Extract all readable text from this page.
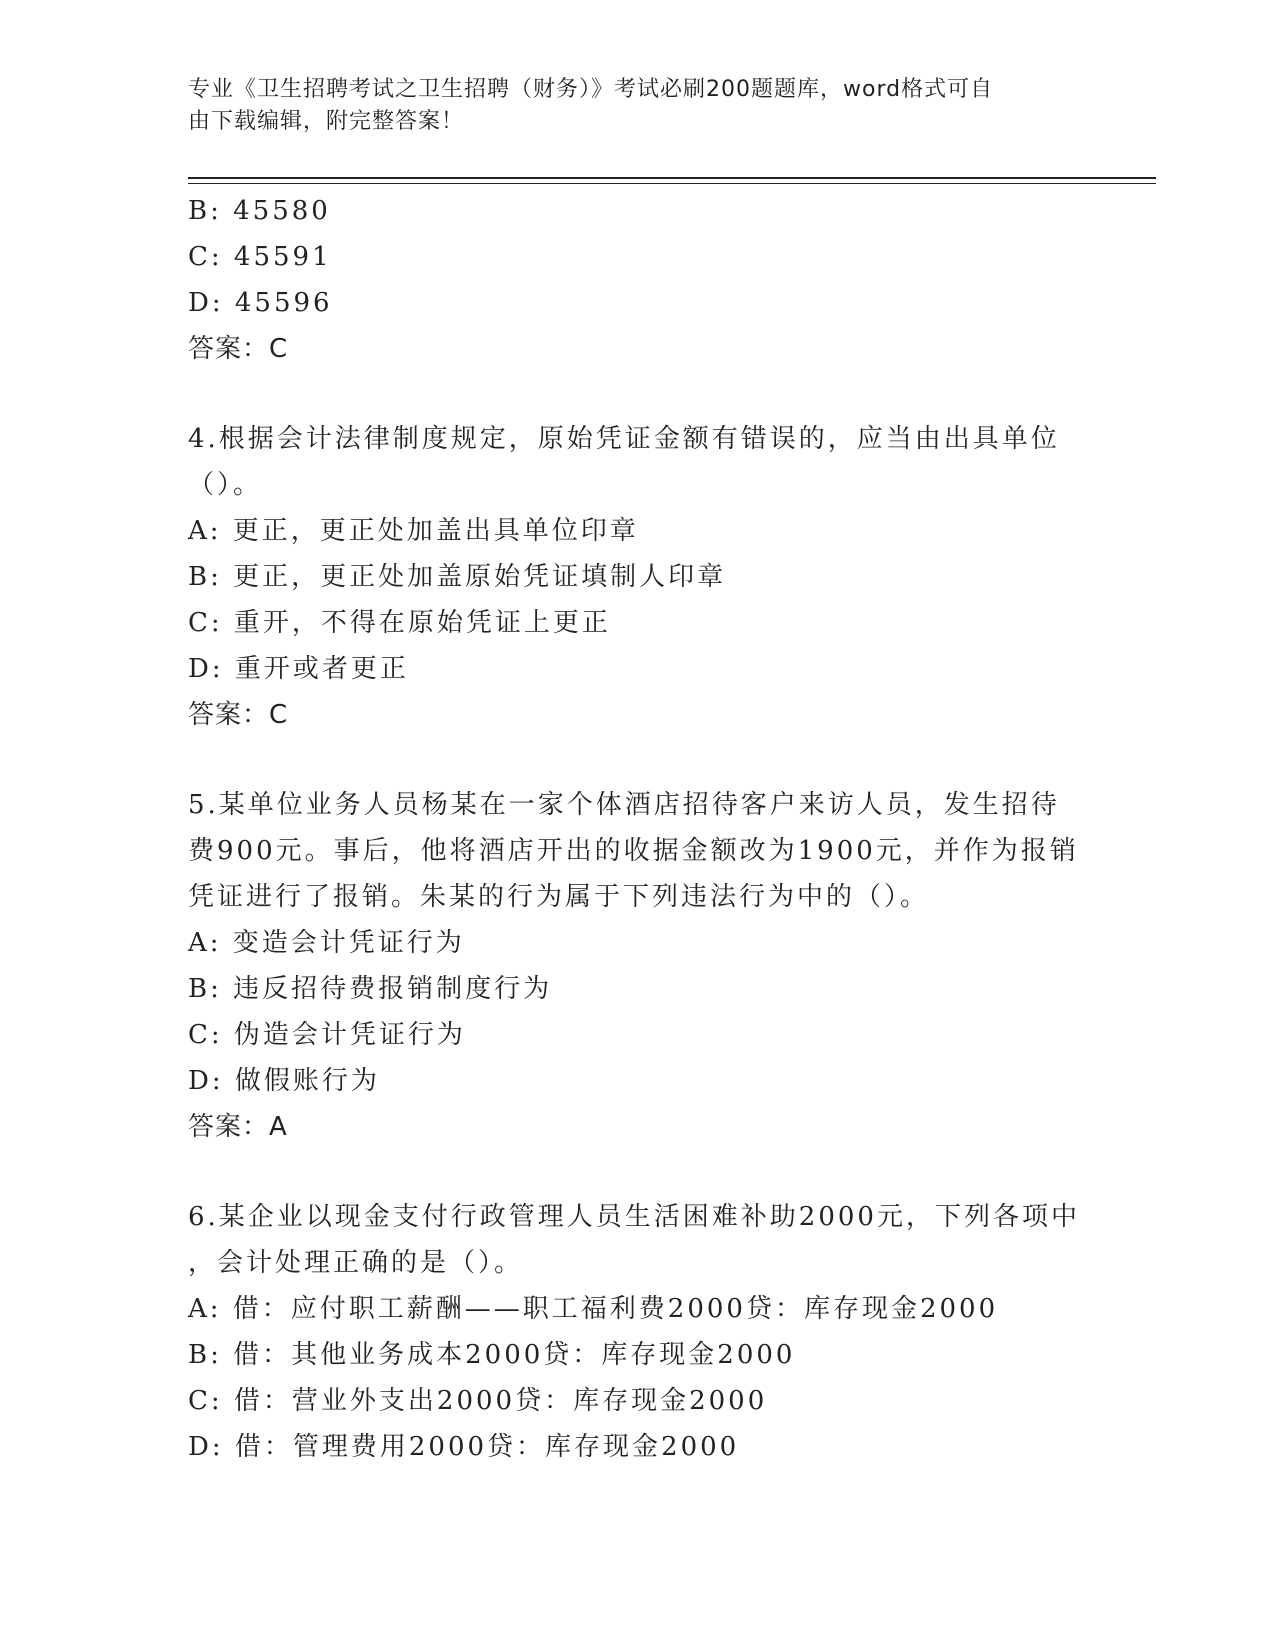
专业《卫生招聘考试之卫生招聘（财务）》考试必刷200题题库，word格式可自
由下载编辑，附完整答案！
B: 45580
C: 45591
D: 45596
答案：C
4.根据会计法律制度规定，原始凭证金额有错误的，应当由出具单位
（）。
A: 更正，更正处加盖出具单位印章
B: 更正，更正处加盖原始凭证填制人印章
C: 重开，不得在原始凭证上更正
D: 重开或者更正
答案：C
5.某单位业务人员杨某在一家个体酒店招待客户来访人员，发生招待
费900元。事后，他将酒店开出的收据金额改为1900元，并作为报销
凭证进行了报销。朱某的行为属于下列违法行为中的（）。
A: 变造会计凭证行为
B: 违反招待费报销制度行为
C: 伪造会计凭证行为
D: 做假账行为
答案：A
6.某企业以现金支付行政管理人员生活困难补助2000元，下列各项中
，会计处理正确的是（）。
A: 借：应付职工薪酬——职工福利费2000贷：库存现金2000
B: 借：其他业务成本2000贷：库存现金2000
C: 借：营业外支出2000贷：库存现金2000
D: 借：管理费用2000贷：库存现金2000
